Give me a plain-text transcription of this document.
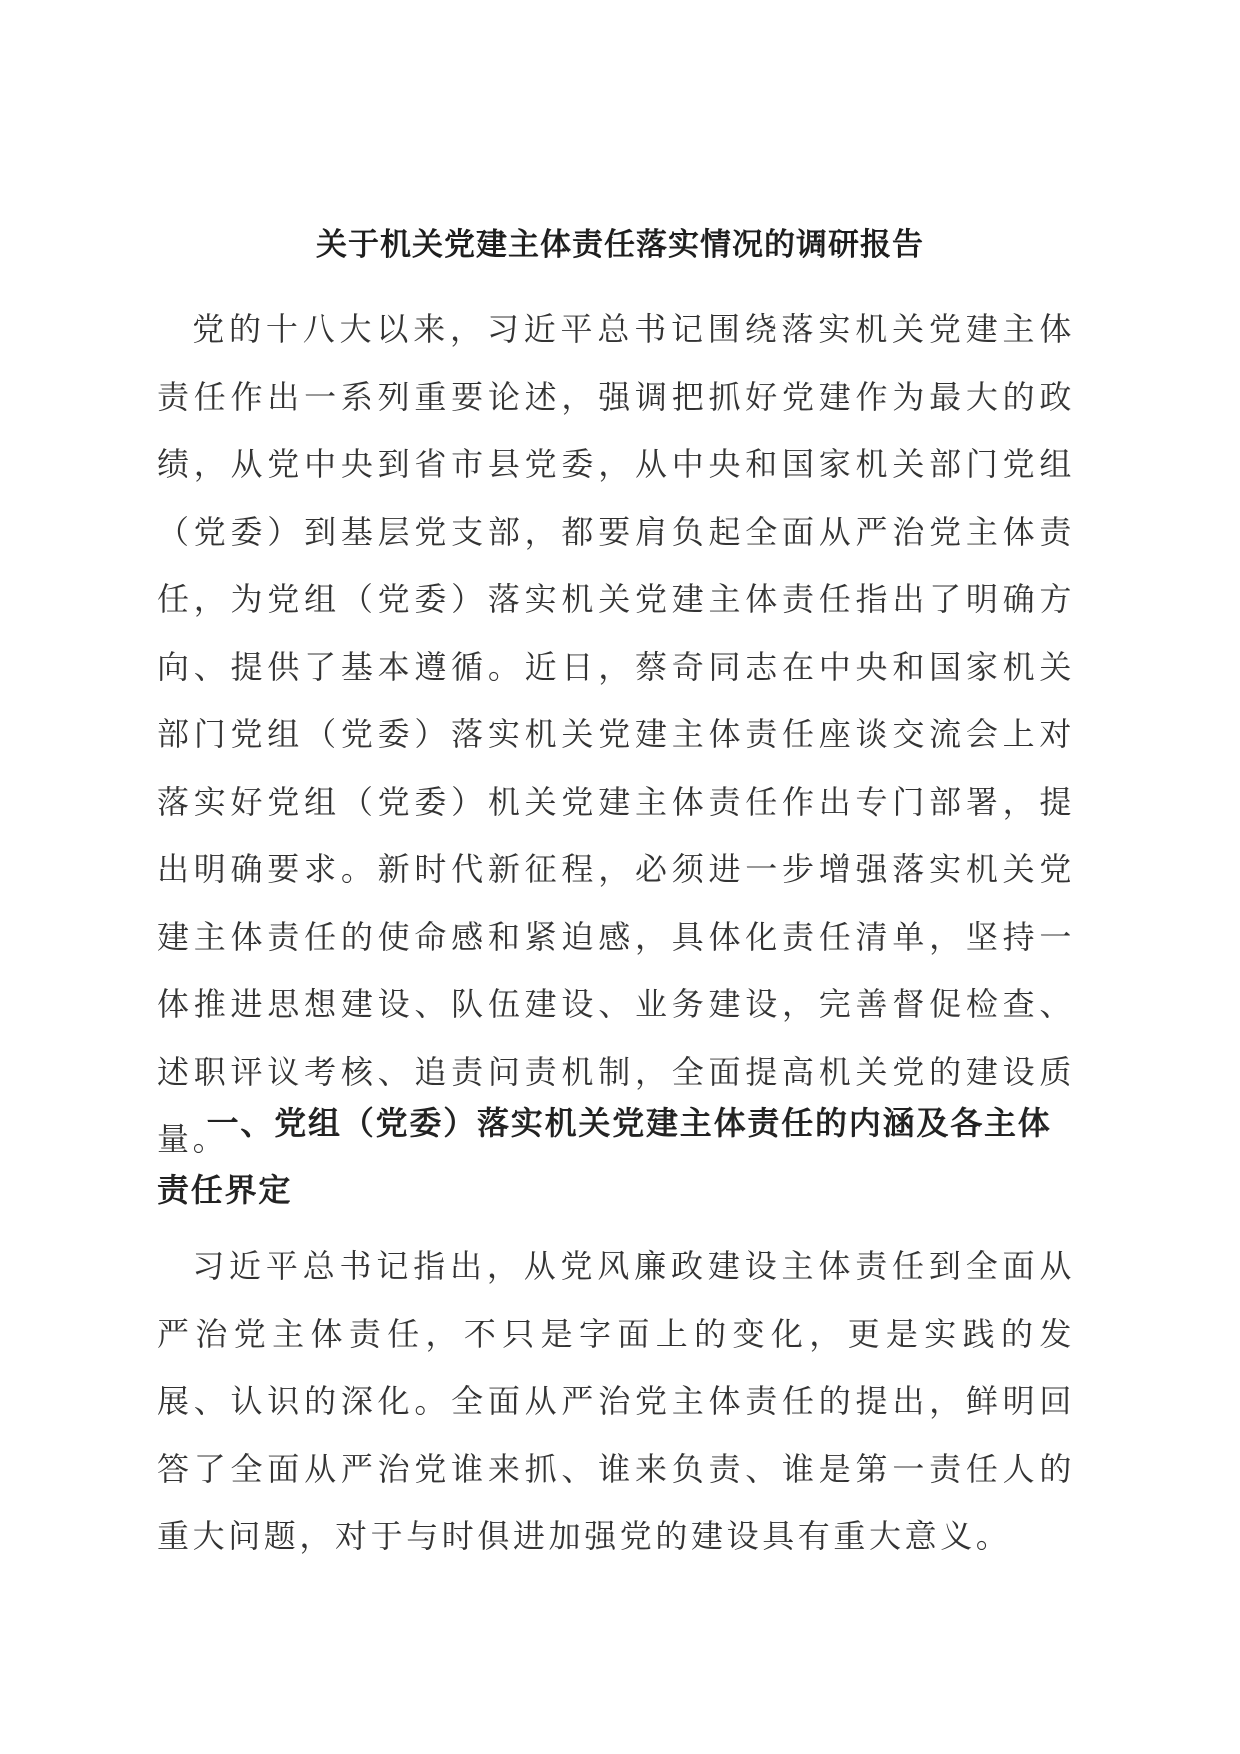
关于机关党建主体责任落实情况的调研报告

党的十八大以来，习近平总书记围绕落实机关党建主体责任作出一系列重要论述，强调把抓好党建作为最大的政绩，从党中央到省市县党委，从中央和国家机关部门党组（党委）到基层党支部，都要肩负起全面从严治党主体责任，为党组（党委）落实机关党建主体责任指出了明确方向、提供了基本遵循。近日，蔡奇同志在中央和国家机关部门党组（党委）落实机关党建主体责任座谈交流会上对落实好党组（党委）机关党建主体责任作出专门部署，提出明确要求。新时代新征程，必须进一步增强落实机关党建主体责任的使命感和紧迫感，具体化责任清单，坚持一体推进思想建设、队伍建设、业务建设，完善督促检查、述职评议考核、追责问责机制，全面提高机关党的建设质量。

一、党组（党委）落实机关党建主体责任的内涵及各主体责任界定

习近平总书记指出，从党风廉政建设主体责任到全面从严治党主体责任，不只是字面上的变化，更是实践的发展、认识的深化。全面从严治党主体责任的提出，鲜明回答了全面从严治党谁来抓、谁来负责、谁是第一责任人的重大问题，对于与时俱进加强党的建设具有重大意义。
